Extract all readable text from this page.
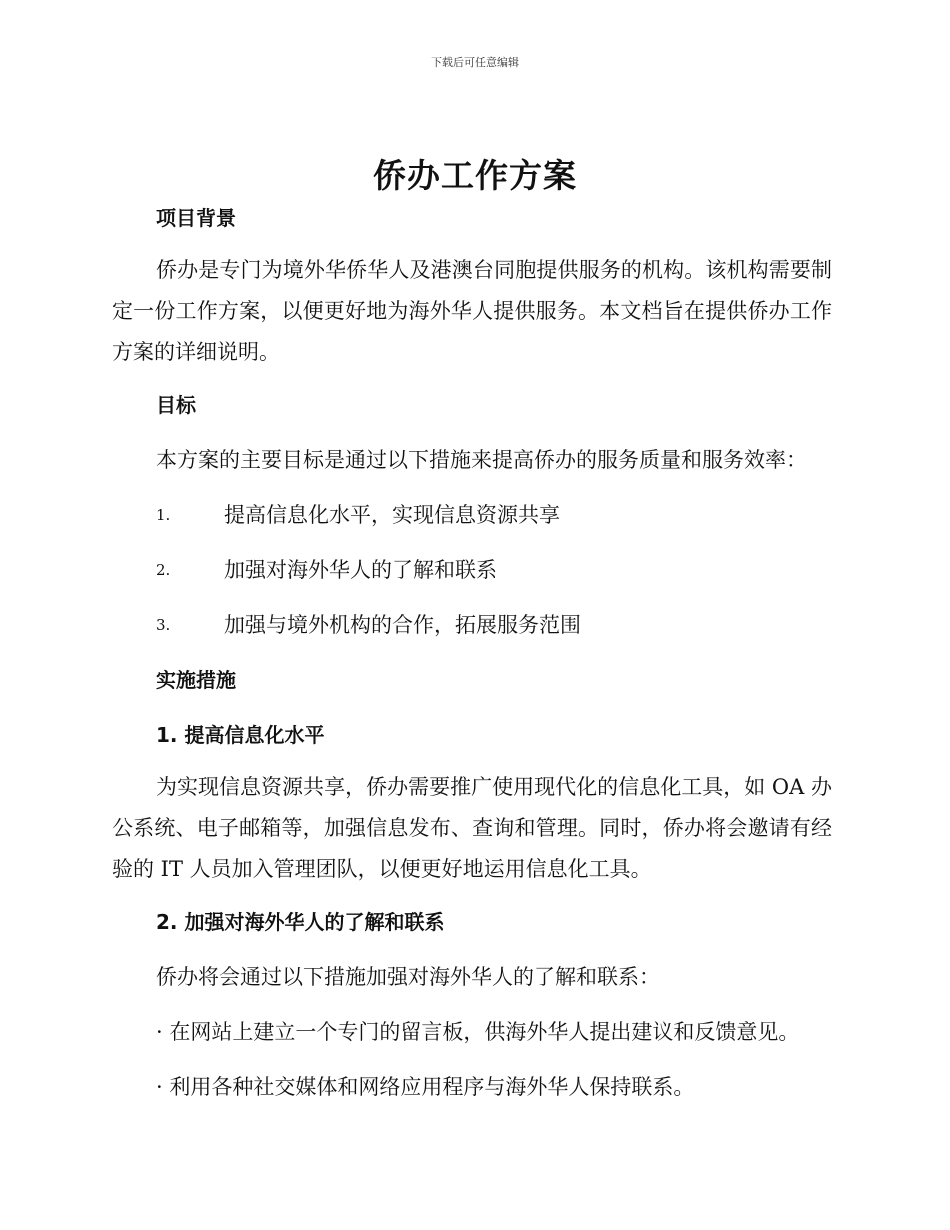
下载后可任意编辑
侨办工作方案
项目背景
侨办是专门为境外华侨华人及港澳台同胞提供服务的机构。该机构需要制定一份工作方案，以便更好地为海外华人提供服务。本文档旨在提供侨办工作方案的详细说明。
目标
本方案的主要目标是通过以下措施来提高侨办的服务质量和服务效率：
1.	提高信息化水平，实现信息资源共享
2.	加强对海外华人的了解和联系
3.	加强与境外机构的合作，拓展服务范围
实施措施
1. 提高信息化水平
为实现信息资源共享，侨办需要推广使用现代化的信息化工具，如 OA 办公系统、电子邮箱等，加强信息发布、查询和管理。同时，侨办将会邀请有经验的 IT 人员加入管理团队，以便更好地运用信息化工具。
2. 加强对海外华人的了解和联系
侨办将会通过以下措施加强对海外华人的了解和联系：
· 在网站上建立一个专门的留言板，供海外华人提出建议和反馈意见。
· 利用各种社交媒体和网络应用程序与海外华人保持联系。
